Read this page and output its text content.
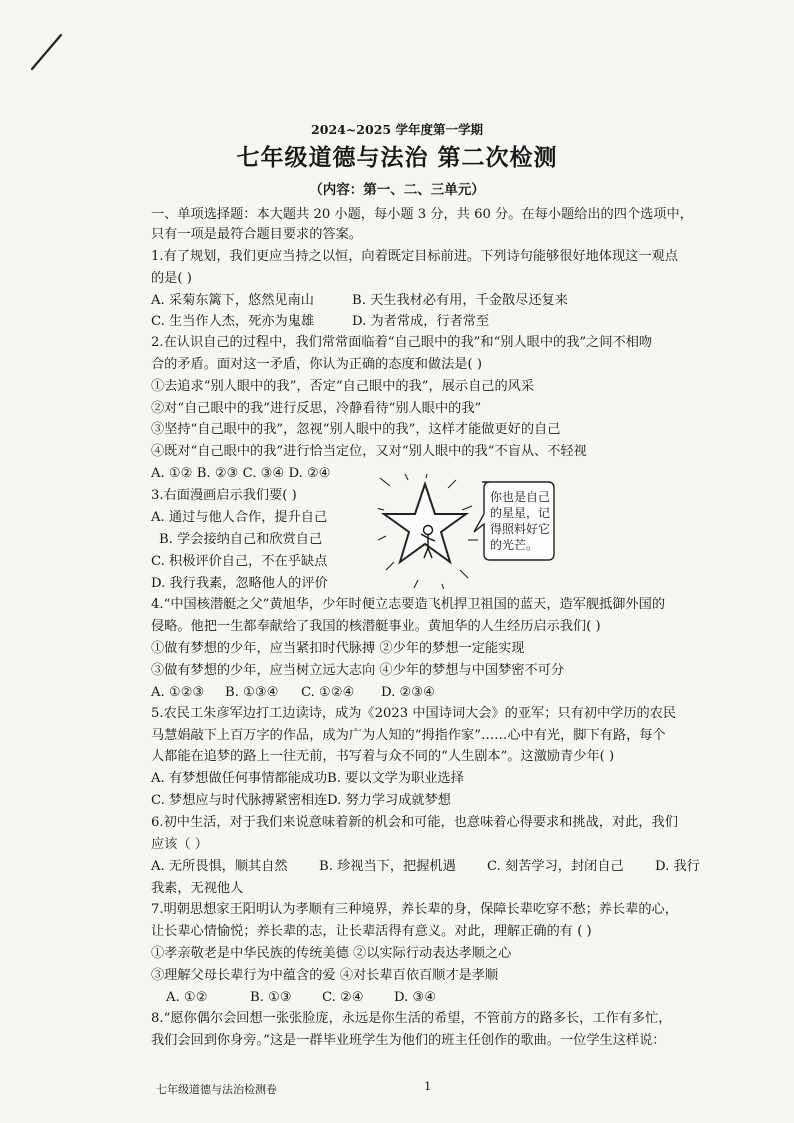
2024~2025 学年度第一学期
七年级道德与法治 第二次检测
（内容：第一、二、三单元）
一、单项选择题：本大题共 20 小题，每小题 3 分，共 60 分。在每小题给出的四个选项中，
只有一项是最符合题目要求的答案。
1.有了规划，我们更应当持之以恒，向着既定目标前进。下列诗句能够很好地体现这一观点
的是( )
A. 采菊东篱下，悠然见南山	B. 天生我材必有用，千金散尽还复来
C. 生当作人杰，死亦为鬼雄	D. 为者常成，行者常至
2.在认识自己的过程中，我们常常面临着“自己眼中的我”和“别人眼中的我”之间不相吻
合的矛盾。面对这一矛盾，你认为正确的态度和做法是( )
①去追求“别人眼中的我”，否定“自己眼中的我”，展示自己的风采
②对“自己眼中的我”进行反思，冷静看待“别人眼中的我”
③坚持“自己眼中的我”，忽视“别人眼中的我”，这样才能做更好的自己
④既对“自己眼中的我”进行恰当定位，又对“别人眼中的我”不盲从、不轻视
A. ①② B. ②③ C. ③④ D. ②④
3.右面漫画启示我们要( )
A. 通过与他人合作，提升自己
B. 学会接纳自己和欣赏自己
C. 积极评价自己，不在乎缺点
D. 我行我素，忽略他人的评价
你也是自己
的星星，记
得照料好它
的光芒。
4.“中国核潜艇之父”黄旭华，少年时便立志要造飞机捍卫祖国的蓝天，造军舰抵御外国的
侵略。他把一生都奉献给了我国的核潜艇事业。黄旭华的人生经历启示我们( )
①做有梦想的少年，应当紧扣时代脉搏 ②少年的梦想一定能实现
③做有梦想的少年，应当树立远大志向 ④少年的梦想与中国梦密不可分
A. ①②③ B. ①③④ C. ①②④ D. ②③④
5.农民工朱彦军边打工边读诗，成为《2023 中国诗词大会》的亚军；只有初中学历的农民
马慧娟敲下上百万字的作品，成为广为人知的“拇指作家”……心中有光，脚下有路，每个
人都能在追梦的路上一往无前，书写着与众不同的“人生剧本”。这激励青少年( )
A. 有梦想做任何事情都能成功 B. 要以文学为职业选择
C. 梦想应与时代脉搏紧密相连 D. 努力学习成就梦想
6.初中生活，对于我们来说意味着新的机会和可能，也意味着心得要求和挑战，对此，我们
应该（ ）
A. 无所畏惧，顺其自然 B. 珍视当下，把握机遇 C. 刻苦学习，封闭自己 D. 我行
我素，无视他人
7.明朝思想家王阳明认为孝顺有三种境界，养长辈的身，保障长辈吃穿不愁；养长辈的心，
让长辈心情愉悦；养长辈的志，让长辈活得有意义。对此，理解正确的有 ( )
①孝亲敬老是中华民族的传统美德 ②以实际行动表达孝顺之心
③理解父母长辈行为中蕴含的爱 ④对长辈百依百顺才是孝顺
A. ①②	B. ①③ C. ②④ D. ③④
8.“愿你偶尔会回想一张张脸庞，永远是你生活的希望，不管前方的路多长，工作有多忙，
我们会回到你身旁。”这是一群毕业班学生为他们的班主任创作的歌曲。一位学生这样说：
七年级道德与法治检测卷	1
